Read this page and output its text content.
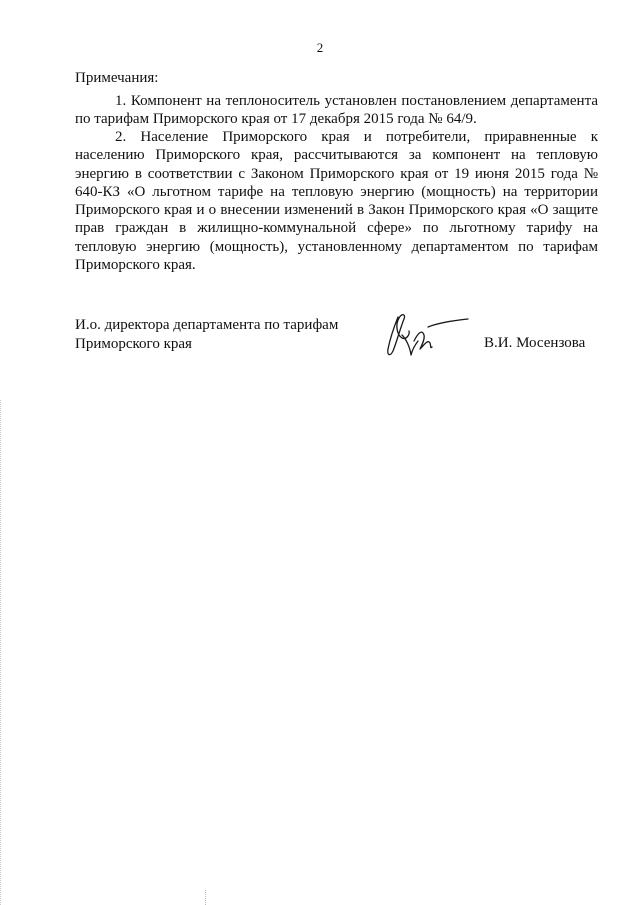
2
Примечания:

1. Компонент на теплоноситель установлен постановлением департамента по тарифам Приморского края от 17 декабря 2015 года № 64/9.

2. Население Приморского края и потребители, приравненные к населению Приморского края, рассчитываются за компонент на тепловую энергию в соответствии с Законом Приморского края от 19 июня 2015 года № 640-КЗ «О льготном тарифе на тепловую энергию (мощность) на территории Приморского края и о внесении изменений в Закон Приморского края «О защите прав граждан в жилищно-коммунальной сфере» по льготному тарифу на тепловую энергию (мощность), установленному департаментом по тарифам Приморского края.

И.о. директора департамента по тарифам
Приморского края	В.И. Мосензова
